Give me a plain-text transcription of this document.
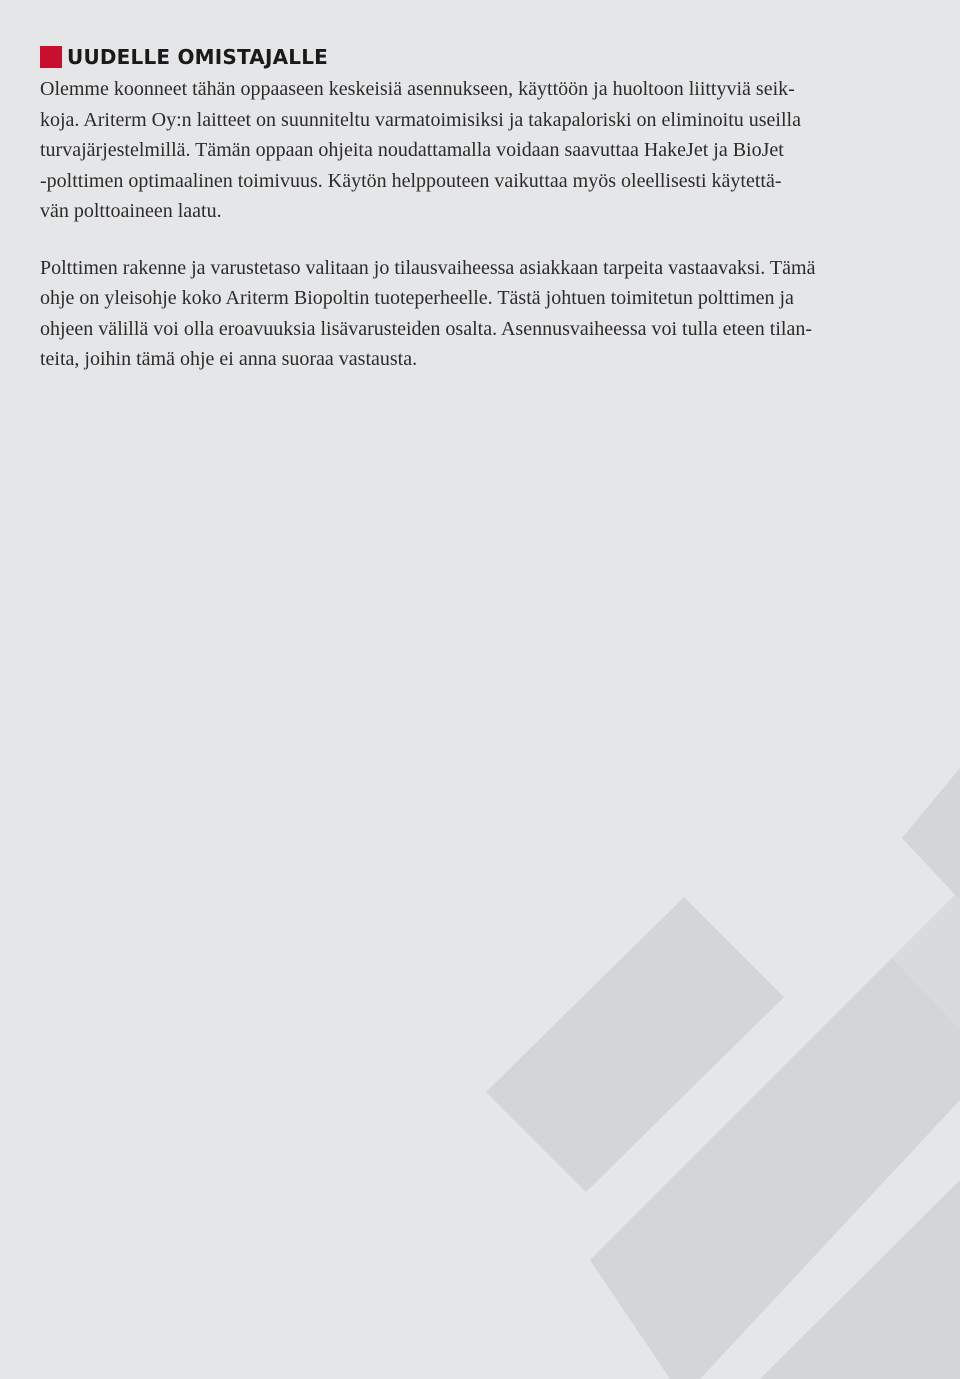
UUDELLE OMISTAJALLE

Olemme koonneet tähän oppaaseen keskeisiä asennukseen, käyttöön ja huoltoon liittyviä seik-
koja. Ariterm Oy:n laitteet on suunniteltu varmatoimisiksi ja takapaloriski on eliminoitu useilla
turvajärjestelmillä. Tämän oppaan ohjeita noudattamalla voidaan saavuttaa HakeJet ja BioJet
-polttimen optimaalinen toimivuus. Käytön helppouteen vaikuttaa myös oleellisesti käytettä-
vän polttoaineen laatu.

Polttimen rakenne ja varustetaso valitaan jo tilausvaiheessa asiakkaan tarpeita vastaavaksi. Tämä
ohje on yleisohje koko Ariterm Biopoltin tuoteperheelle. Tästä johtuen toimitetun polttimen ja
ohjeen välillä voi olla eroavuuksia lisävarusteiden osalta. Asennusvaiheessa voi tulla eteen tilan-
teita, joihin tämä ohje ei anna suoraa vastausta.
